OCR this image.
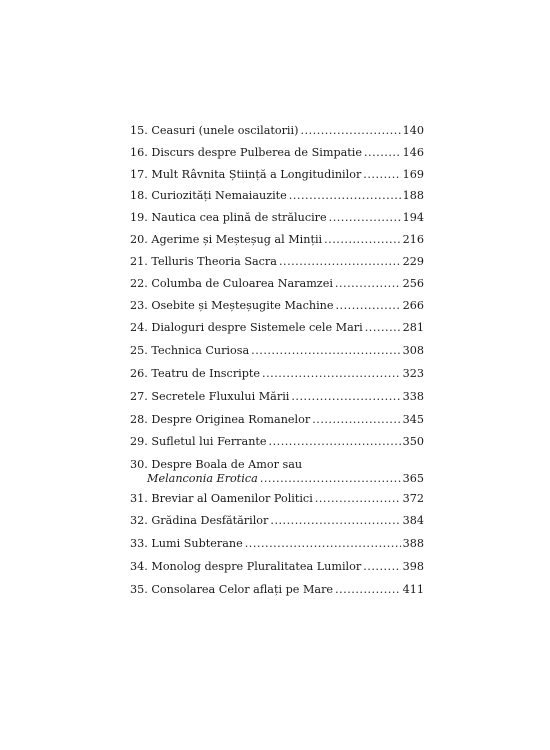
15. Ceasuri (unele oscilatorii) .....	140
16. Discurs despre Pulberea de Simpatie .....	146
17. Mult Râvnita Știință a Longitudinilor .....	169
18. Curiozități Nemaiauzite .....	188
19. Nautica cea plină de strălucire .....	194
20. Agerime și Meșteșug al Minții .....	216
21. Telluris Theoria Sacra .....	229
22. Columba de Culoarea Naramzei .....	256
23. Osebite și Meșteșugite Machine .....	266
24. Dialoguri despre Sistemele cele Mari .....	281
25. Technica Curiosa .....	308
26. Teatru de Inscripte .....	323
27. Secretele Fluxului Mării .....	338
28. Despre Originea Romanelor .....	345
29. Sufletul lui Ferrante .....	350
30. Despre Boala de Amor sau
Melanconia Erotica .....	365
31. Breviar al Oamenilor Politici .....	372
32. Grădina Desfătărilor .....	384
33. Lumi Subterane .....	388
34. Monolog despre Pluralitatea Lumilor .....	398
35. Consolarea Celor aflați pe Mare .....	411
